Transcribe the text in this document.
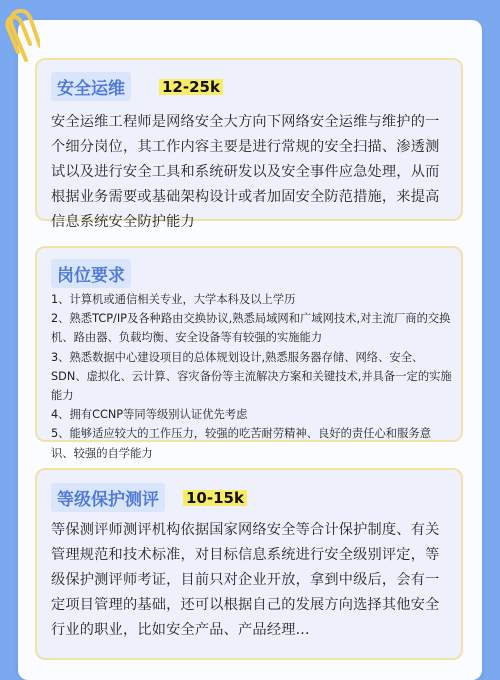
安全运维	12-25k
安全运维工程师是网络安全大方向下网络安全运维与维护的一个细分岗位，其工作内容主要是进行常规的安全扫描、渗透测试以及进行安全工具和系统研发以及安全事件应急处理，从而根据业务需要或基础架构设计或者加固安全防范措施，来提高信息系统安全防护能力
岗位要求
1、计算机或通信相关专业，大学本科及以上学历
2、熟悉TCP/IP及各种路由交换协议,熟悉局域网和广域网技术,对主流厂商的交换机、路由器、负载均衡、安全设备等有较强的实施能力
3、熟悉数据中心建设项目的总体规划设计,熟悉服务器存储、网络、安全、SDN、虚拟化、云计算、容灾备份等主流解决方案和关键技术,并具备一定的实施能力
4、拥有CCNP等同等级别认证优先考虑
5、能够适应较大的工作压力，较强的吃苦耐劳精神、良好的责任心和服务意识、较强的自学能力
等级保护测评	10-15k
等保测评师测评机构依据国家网络安全等合计保护制度、有关管理规范和技术标准，对目标信息系统进行安全级别评定，等级保护测评师考证，目前只对企业开放，拿到中级后，会有一定项目管理的基础，还可以根据自己的发展方向选择其他安全行业的职业，比如安全产品、产品经理...
